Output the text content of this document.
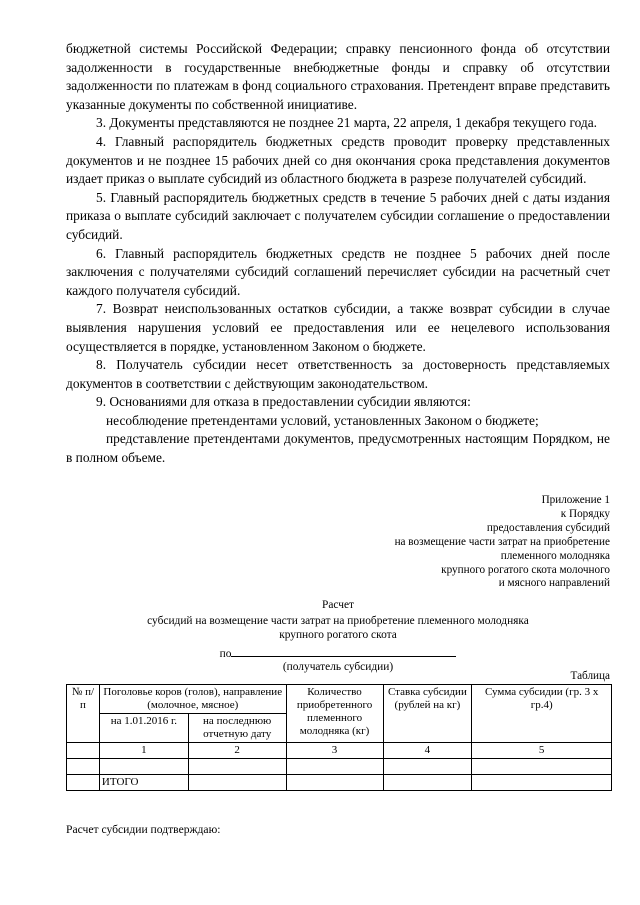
бюджетной системы Российской Федерации; справку пенсионного фонда об отсутствии задолженности в государственные внебюджетные фонды и справку об отсутствии задолженности по платежам в фонд социального страхования. Претендент вправе представить указанные документы по собственной инициативе.

3. Документы представляются не позднее 21 марта, 22 апреля, 1 декабря текущего года.

4. Главный распорядитель бюджетных средств проводит проверку представленных документов и не позднее 15 рабочих дней со дня окончания срока представления документов издает приказ о выплате субсидий из областного бюджета в разрезе получателей субсидий.

5. Главный распорядитель бюджетных средств в течение 5 рабочих дней с даты издания приказа о выплате субсидий заключает с получателем субсидии соглашение о предоставлении субсидий.

6. Главный распорядитель бюджетных средств не позднее 5 рабочих дней после заключения с получателями субсидий соглашений перечисляет субсидии на расчетный счет каждого получателя субсидий.

7. Возврат неиспользованных остатков субсидии, а также возврат субсидии в случае выявления нарушения условий ее предоставления или ее нецелевого использования осуществляется в порядке, установленном Законом о бюджете.

8. Получатель субсидии несет ответственность за достоверность представляемых документов в соответствии с действующим законодательством.

9. Основаниями для отказа в предоставлении субсидии являются:

несоблюдение претендентами условий, установленных Законом о бюджете;

представление претендентами документов, предусмотренных настоящим Порядком, не в полном объеме.

Приложение 1
к Порядку
предоставления субсидий
на возмещение части затрат на приобретение
племенного молодняка
крупного рогатого скота молочного
и мясного направлений
Расчет
субсидий на возмещение части затрат на приобретение племенного молодняка
крупного рогатого скота
по
(получатель субсидии)
Таблица
№ п/п	Поголовье коров (голов), направление (молочное, мясное)		Количество приобретенного племенного молодняка (кг)	Ставка субсидии (рублей на кг)	Сумма субсидии (гр. 3 х гр.4)
	на 1.01.2016 г.	на последнюю отчетную дату			
	1	2	3	4	5

	ИТОГО				
Расчет субсидии подтверждаю:
